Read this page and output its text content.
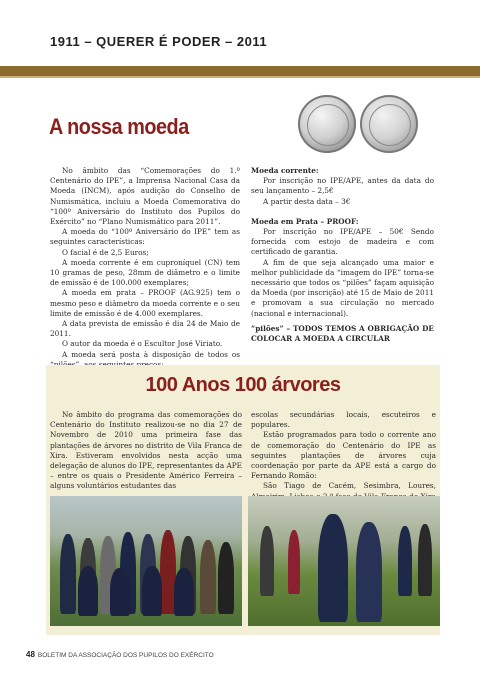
1911 – QUERER É PODER – 2011
A nossa moeda

No âmbito das “Comemorações do 1.º Centenário do IPE”, a Imprensa Nacional Casa da Moeda (INCM), após audição do Conselho de Numismática, incluiu a Moeda Comemorativa do “100º Aniversário do Instituto dos Pupilos do Exército” no “Plano Numismático para 2011”.

A moeda do “100º Aniversário do IPE” tem as seguintes características:

O facial é de 2,5 Euros;

A moeda corrente é em cuproníquel (CN) tem 10 gramas de peso, 28mm de diâmetro e o limite de emissão é de 100.000 exemplares;

A moeda em prata – PROOF (AG.925) tem o mesmo peso e diâmetro da moeda corrente e o seu limite de emissão é de 4.000 exemplares.

A data prevista de emissão é dia 24 de Maio de 2011.

O autor da moeda é o Escultor José Viriato.

A moeda será posta à disposição de todos os

Moeda corrente:

Por inscrição no IPE/APE, antes da data do seu lançamento – 2,5€

A partir desta data – 3€

Moeda em Prata – PROOF:

Por inscrição no IPE/APE – 50€ Sendo fornecida com estojo de madeira e com certificado de garantia.

A fim de que seja alcançado uma maior e melhor publicidade da “imagem do IPE” torna-se necessário que todos os “pilões” façam aquisição da Moeda (por inscrição) até 15 de Maio de 2011 e promovam a sua circulação no mercado (nacional e internacional).

“pilões” – TODOS TEMOS A OBRIGAÇÃO DE COLOCAR A MOEDA A CIRCULAR

100 Anos 100 árvores

No âmbito do programa das comemorações do Centenário do Instituto realizou-se no dia 27 de Novembro de 2010 uma primeira fase das plantações de árvores no distrito de Vila Franca de Xira. Estiveram envolvidos nesta acção uma delegação de alunos do IPE, representantes da APE – entre os quais o Presidente Américo Ferreira – alguns voluntários estudantes das

escolas secundárias locais, escuteiros e populares.

Estão programados para todo o corrente ano de comemoração do Centenário do IPE as seguintes plantações de árvores cuja coordenação por parte da APE está a cargo do Fernando Romão:

São Tiago de Cacém, Sesimbra, Loures,

48 BOLETIM DA ASSOCIAÇÃO DOS PUPILOS DO EXÉRCITO
